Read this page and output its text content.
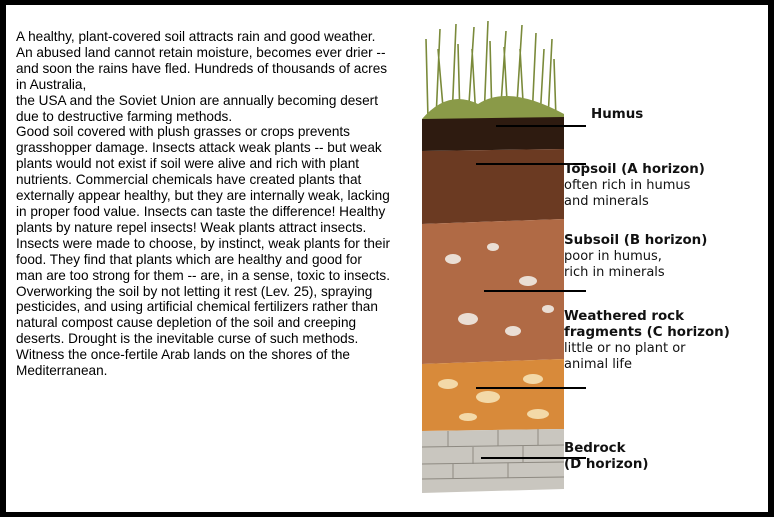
A healthy, plant-covered soil attracts rain and good weather. An abused land cannot retain moisture, becomes ever drier -- and soon the rains have fled. Hundreds of thousands of acres in Australia,

the USA and the Soviet Union are annually becoming desert due to destructive farming methods.

Good soil covered with plush grasses or crops prevents grasshopper damage. Insects attack weak plants -- but weak plants would not exist if soil were alive and rich with plant nutrients. Commercial chemicals have created plants that externally appear healthy, but they are internally weak, lacking in proper food value. Insects can taste the difference! Healthy plants by nature repel insects! Weak plants attract insects. Insects were made to choose, by instinct, weak plants for their food. They find that plants which are healthy and good for man are too strong for them -- are, in a sense, toxic to insects. Overworking the soil by not letting it rest (Lev. 25), spraying pesticides, and using artificial chemical fertilizers rather than natural compost cause depletion of the soil and creeping deserts. Drought is the inevitable curse of such methods. Witness the once-fertile Arab lands on the shores of the Mediterranean.

Humus
Topsoil (A horizon)
often rich in humus
and minerals
Subsoil (B horizon)
poor in humus,
rich in minerals
Weathered rock
fragments (C horizon)
little or no plant or
animal life
Bedrock
(D horizon)
